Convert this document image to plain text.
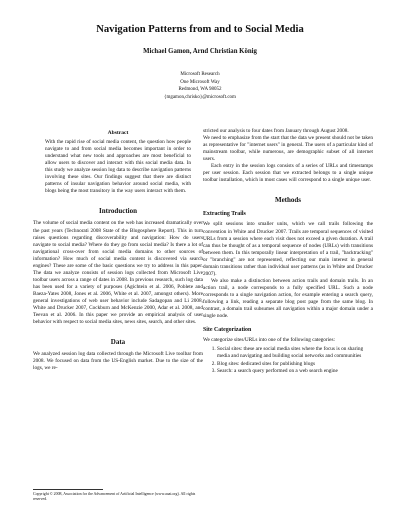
Navigation Patterns from and to Social Media
Michael Gamon, Arnd Christian König
Microsoft Research
One Microsoft Way
Redmond, WA 98052
{mgamon,chrisko}@microsoft.com
Abstract

With the rapid rise of social media content, the question how people navigate to and from social media becomes important in order to understand what new tools and approaches are most beneficial to allow users to discover and interact with this social media data. In this study we analyze session log data to describe navigation patterns involving these sites. Our findings suggest that there are distinct patterns of insular navigation behavior around social media, with blogs being the most transitory in the way users interact with them.

Introduction

The volume of social media content on the web has increased dramatically over the past years (Technorati 2008 State of the Blogosphere Report). This in turn raises questions regarding discoverability and navigation: How do users navigate to social media? Where do they go from social media? Is there a lot of navigational cross-over from social media domains to other sources of information? How much of social media content is discovered via search engines? These are some of the basic questions we try to address in this paper. The data we analyze consists of session logs collected from Microsoft Live toolbar users across a range of dates in 2008. In previous research, such log data has been used for a variety of purposes (Agichtein et al. 2006, Pobletе and Baeza-Yates 2008, Jones et al. 2006, White et al. 2007, amongst others). More general investigations of web user behavior include Sadagopan and Li 2008, White and Drucker 2007, Cockburn and McKenzie 2000, Adar et al. 2008, and Teevan et al. 2006. In this paper we provide an empirical analysis of user behavior with respect to social media sites, news sites, search, and other sites.

Data

We analyzed session log data collected through the Microsoft Live toolbar from 2008. We focused on data from the US-English market. Due to the size of the logs, we re-

Copyright © 2008, Association for the Advancement of Artificial Intelligence (www.aaai.org). All rights reserved.

stricted our analysis to four dates from January through August 2008.

We need to emphasize from the start that the data we present should not be taken as representative for "internet users" in general. The users of a particular kind of mainstream toolbar, while numerous, are demographic subset of all internet users.

Each entry in the session logs consists of a series of URLs and timestamps per user session. Each session that we extracted belongs to a single unique toolbar installation, which in most cases will correspond to a single unique user.

Methods
Extracting Trails

We split sessions into smaller units, which we call trails following the convention in White and Drucker 2007. Trails are temporal sequences of visited URLs from a session where each visit does not exceed a given duration. A trail can thus be thought of as a temporal sequence of nodes (URLs) with transitions between them. In this temporally linear interpretation of a trail, "backtracking" or "branching" are not represented, reflecting our main interest in general domain transitions rather than individual user patterns (as in White and Drucker 2007).

We also make a distinction between action trails and domain trails. In an action trail, a node corresponds to a fully specified URL. Such a node corresponds to a single navigation action, for example entering a search query, following a link, reading a separate blog post page from the same blog. In contrast, a domain trail subsumes all navigation within a major domain under a single node.

Site Categorization

We categorize sites/URLs into one of the following categories:

1. Social sites: these are social media sites where the focus is on sharing media and navigating and building social networks and communities
2. Blog sites: dedicated sites for publishing blogs
3. Search: a search query performed on a web search engine
